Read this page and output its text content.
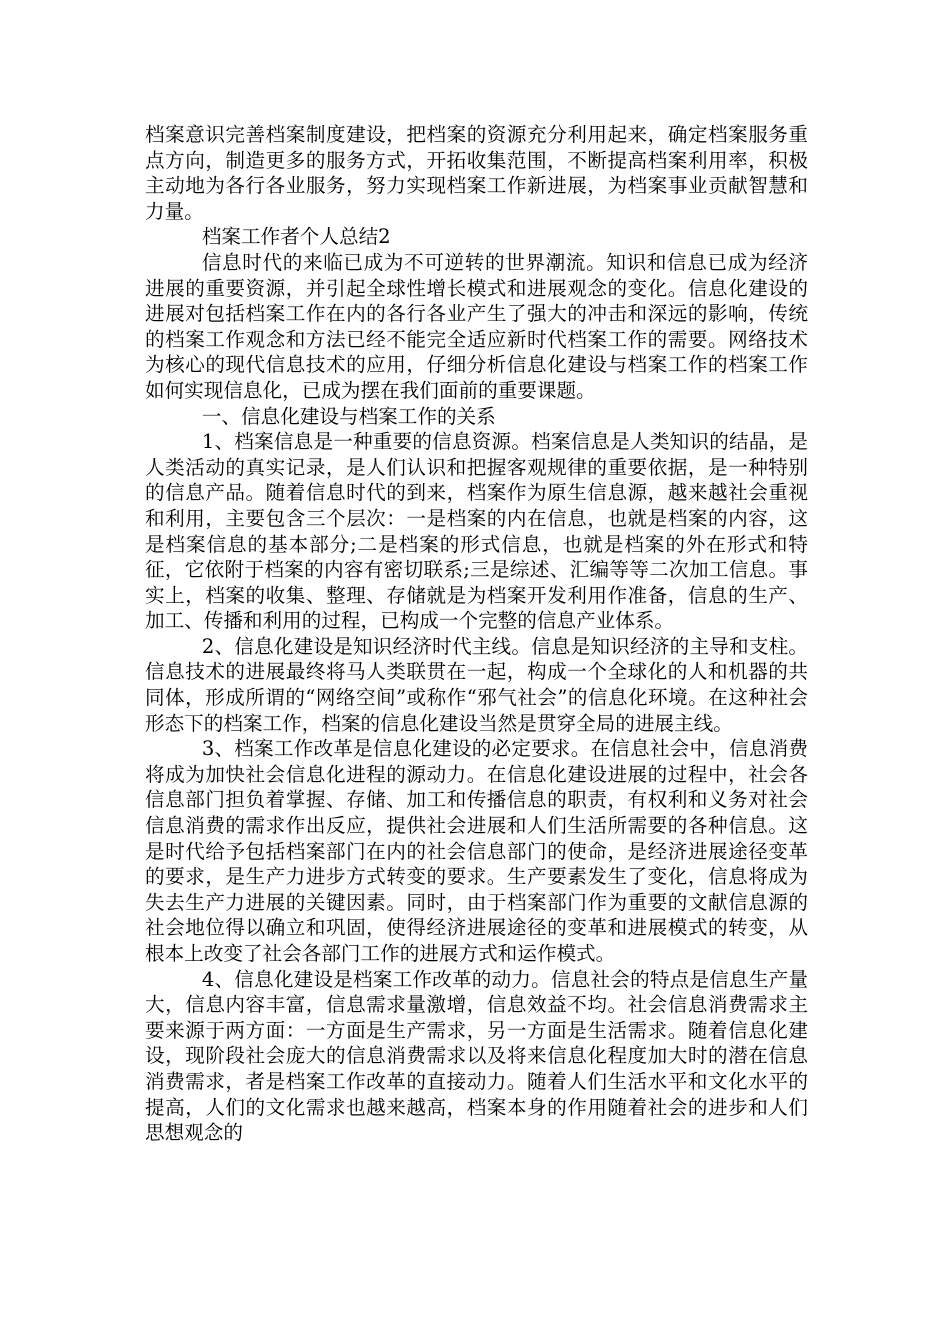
档案意识完善档案制度建设，把档案的资源充分利用起来，确定档案服务重点方向，制造更多的服务方式，开拓收集范围，不断提高档案利用率，积极主动地为各行各业服务，努力实现档案工作新进展，为档案事业贡献智慧和力量。

档案工作者个人总结2

信息时代的来临已成为不可逆转的世界潮流。知识和信息已成为经济进展的重要资源，并引起全球性增长模式和进展观念的变化。信息化建设的进展对包括档案工作在内的各行各业产生了强大的冲击和深远的影响，传统的档案工作观念和方法已经不能完全适应新时代档案工作的需要。网络技术为核心的现代信息技术的应用，仔细分析信息化建设与档案工作的档案工作如何实现信息化，已成为摆在我们面前的重要课题。

一、信息化建设与档案工作的关系

1、档案信息是一种重要的信息资源。档案信息是人类知识的结晶，是人类活动的真实记录，是人们认识和把握客观规律的重要依据，是一种特别的信息产品。随着信息时代的到来，档案作为原生信息源，越来越社会重视和利用，主要包含三个层次：一是档案的内在信息，也就是档案的内容，这是档案信息的基本部分;二是档案的形式信息，也就是档案的外在形式和特征，它依附于档案的内容有密切联系;三是综述、汇编等等二次加工信息。事实上，档案的收集、整理、存储就是为档案开发利用作准备，信息的生产、加工、传播和利用的过程，已构成一个完整的信息产业体系。

2、信息化建设是知识经济时代主线。信息是知识经济的主导和支柱。信息技术的进展最终将马人类联贯在一起，构成一个全球化的人和机器的共同体，形成所谓的“网络空间”或称作“邪气社会”的信息化环境。在这种社会形态下的档案工作，档案的信息化建设当然是贯穿全局的进展主线。

3、档案工作改革是信息化建设的必定要求。在信息社会中，信息消费将成为加快社会信息化进程的源动力。在信息化建设进展的过程中，社会各信息部门担负着掌握、存储、加工和传播信息的职责，有权利和义务对社会信息消费的需求作出反应，提供社会进展和人们生活所需要的各种信息。这是时代给予包括档案部门在内的社会信息部门的使命，是经济进展途径变革的要求，是生产力进步方式转变的要求。生产要素发生了变化，信息将成为失去生产力进展的关键因素。同时，由于档案部门作为重要的文献信息源的社会地位得以确立和巩固，使得经济进展途径的变革和进展模式的转变，从根本上改变了社会各部门工作的进展方式和运作模式。

4、信息化建设是档案工作改革的动力。信息社会的特点是信息生产量大，信息内容丰富，信息需求量激增，信息效益不均。社会信息消费需求主要来源于两方面：一方面是生产需求，另一方面是生活需求。随着信息化建设，现阶段社会庞大的信息消费需求以及将来信息化程度加大时的潜在信息消费需求，者是档案工作改革的直接动力。随着人们生活水平和文化水平的提高，人们的文化需求也越来越高，档案本身的作用随着社会的进步和人们思想观念的
